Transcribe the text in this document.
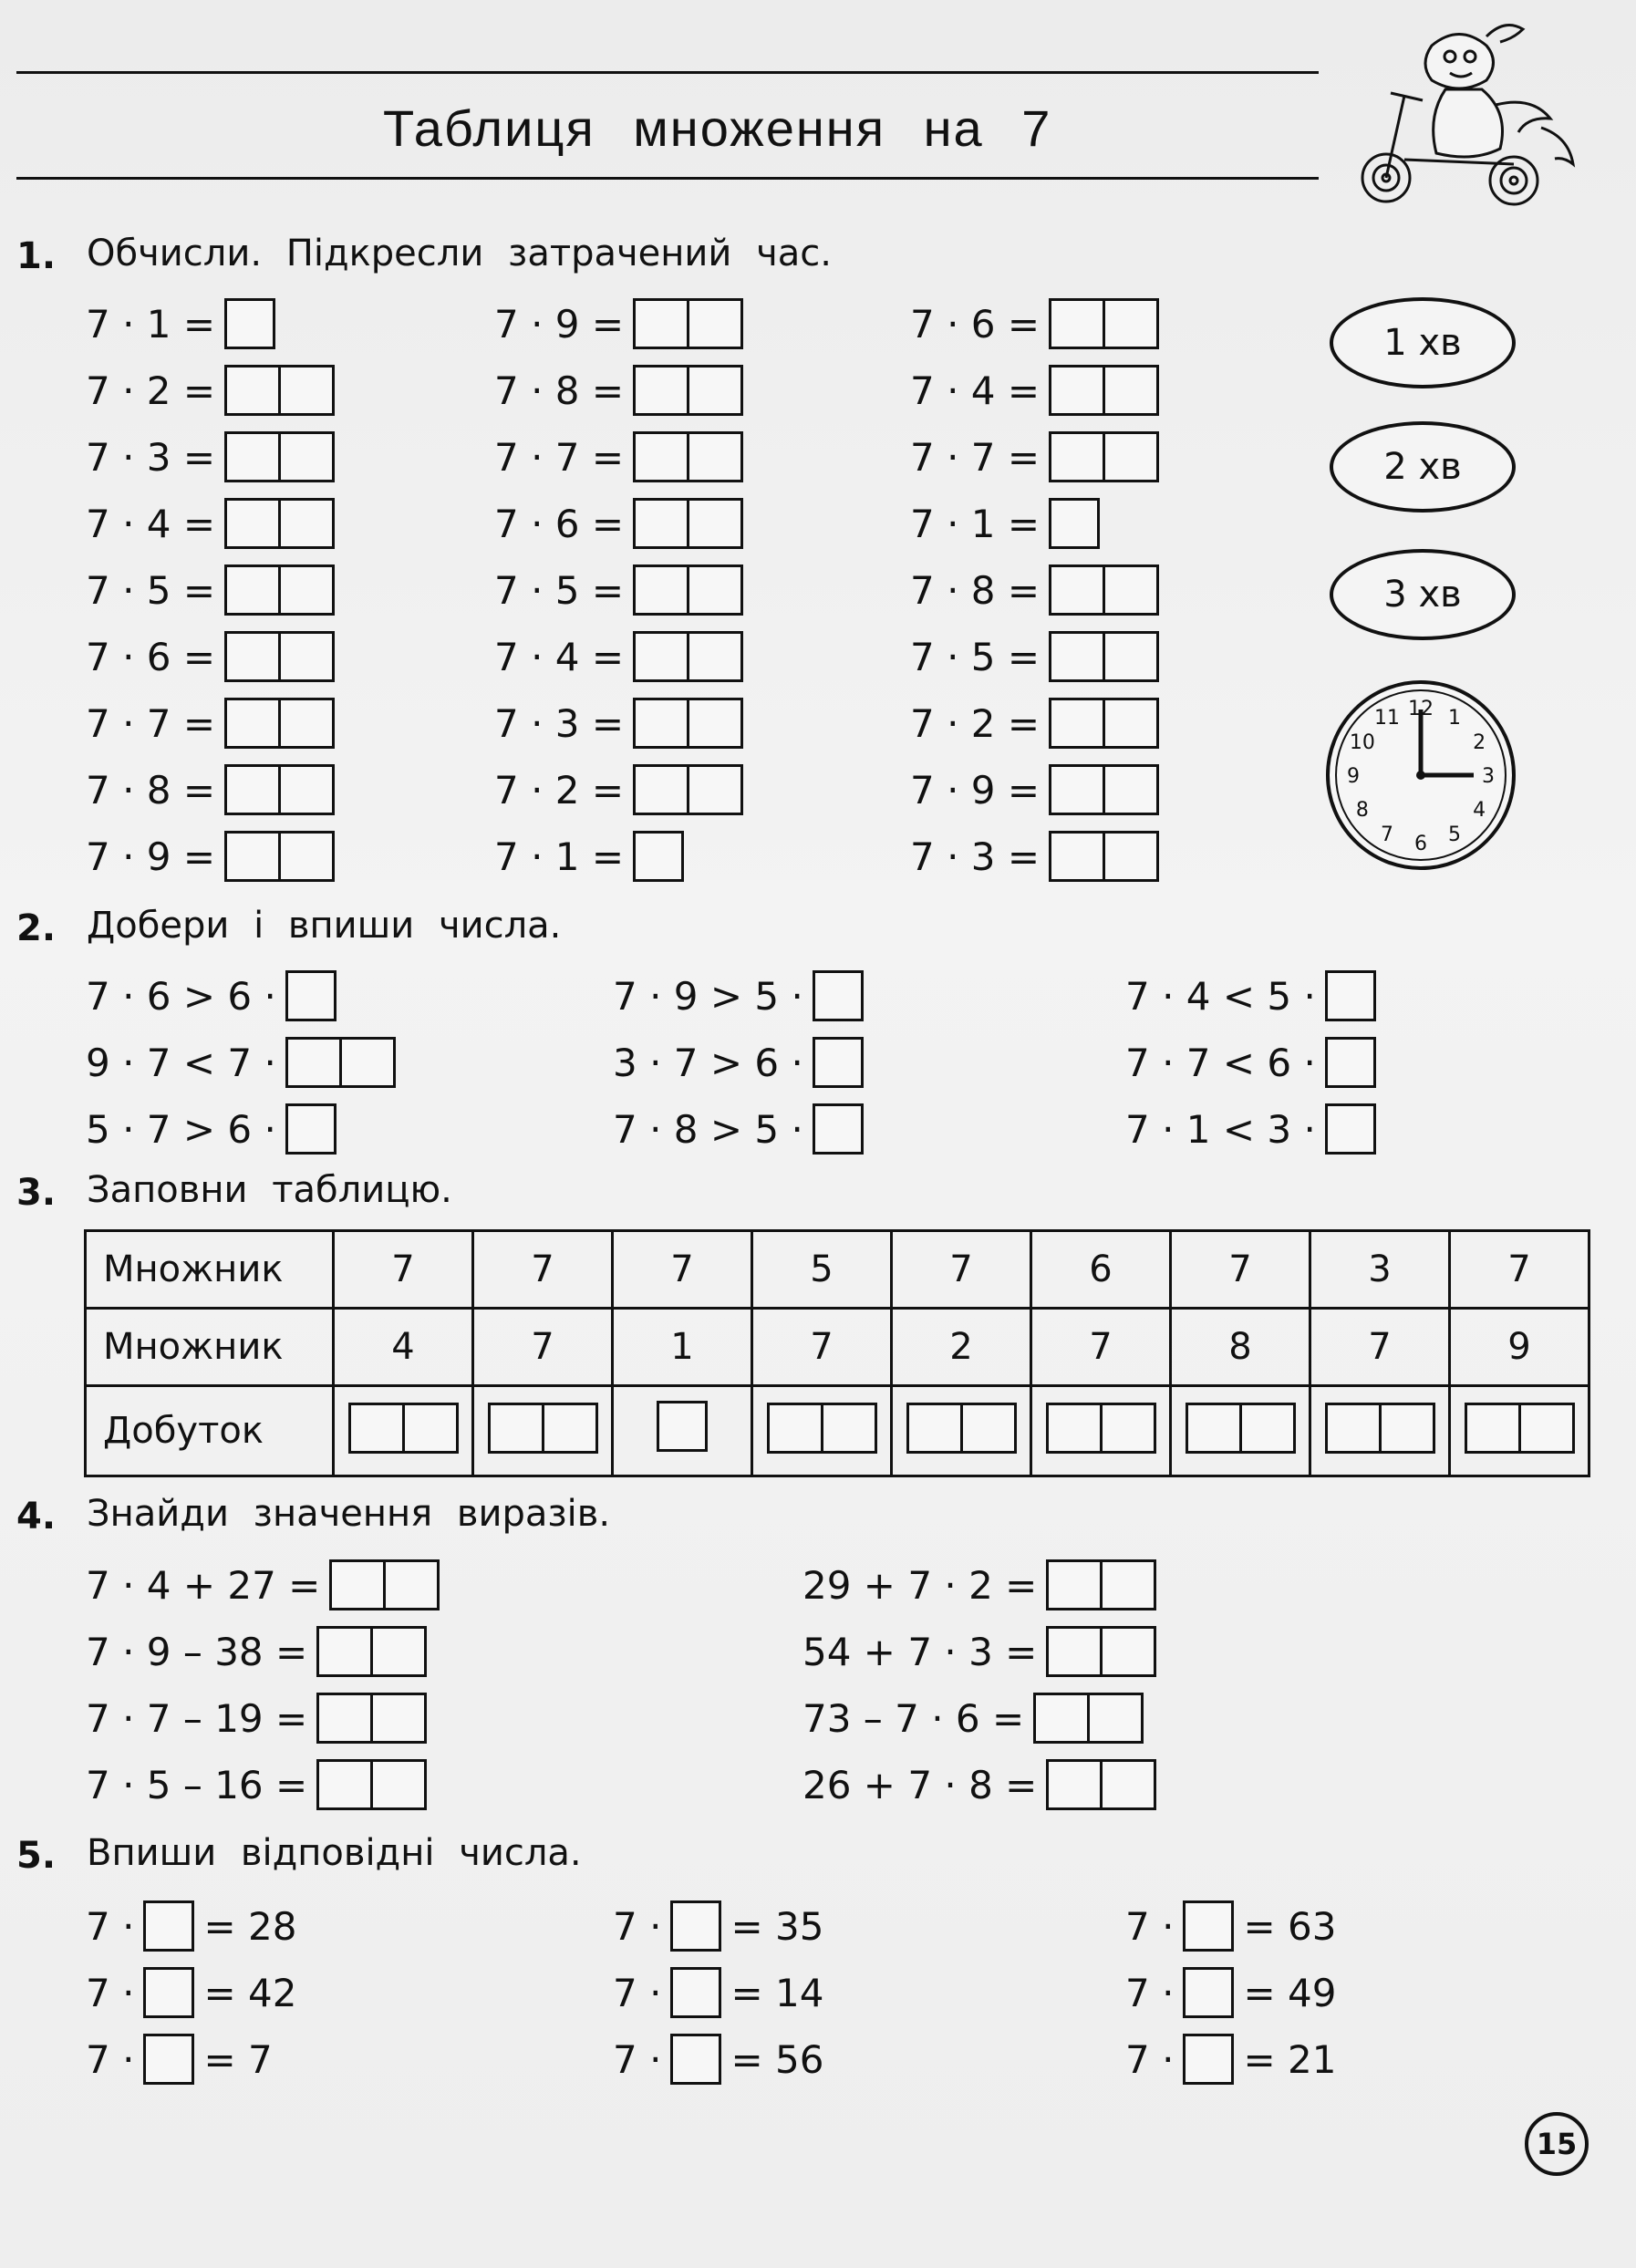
Таблиця множення на 7
1. Обчисли. Підкресли затрачений час.
7 · 1 =
7 · 2 =
7 · 3 =
7 · 4 =
7 · 5 =
7 · 6 =
7 · 7 =
7 · 8 =
7 · 9 =
7 · 9 =
7 · 8 =
7 · 7 =
7 · 6 =
7 · 5 =
7 · 4 =
7 · 3 =
7 · 2 =
7 · 1 =
7 · 6 =
7 · 4 =
7 · 7 =
7 · 1 =
7 · 8 =
7 · 5 =
7 · 2 =
7 · 9 =
7 · 3 =
1 хв
2 хв
3 хв
12 1
2
3
4
5
6
7
8
9
10
11
2. Добери і впиши числа.
7 · 6 > 6 ·
9 · 7 < 7 ·
5 · 7 > 6 ·
7 · 9 > 5 ·
3 · 7 > 6 ·
7 · 8 > 5 ·
7 · 4 < 5 ·
7 · 7 < 6 ·
7 · 1 < 3 ·
3. Заповни таблицю.
Множник	7	7	7	5	7	6	7	3	7
Множник	4	7	1	7	2	7	8	7	9
Добуток	

4. Знайди значення виразів.
7 · 4 + 27 =
7 · 9 – 38 =
7 · 7 – 19 =
7 · 5 – 16 =
29 + 7 · 2 =
54 + 7 · 3 =
73 – 7 · 6 =
26 + 7 · 8 =
5. Впиши відповідні числа.
7 · = 28
7 · = 42
7 · = 7
7 · = 35
7 · = 14
7 · = 56
7 · = 63
7 · = 49
7 · = 21
15
